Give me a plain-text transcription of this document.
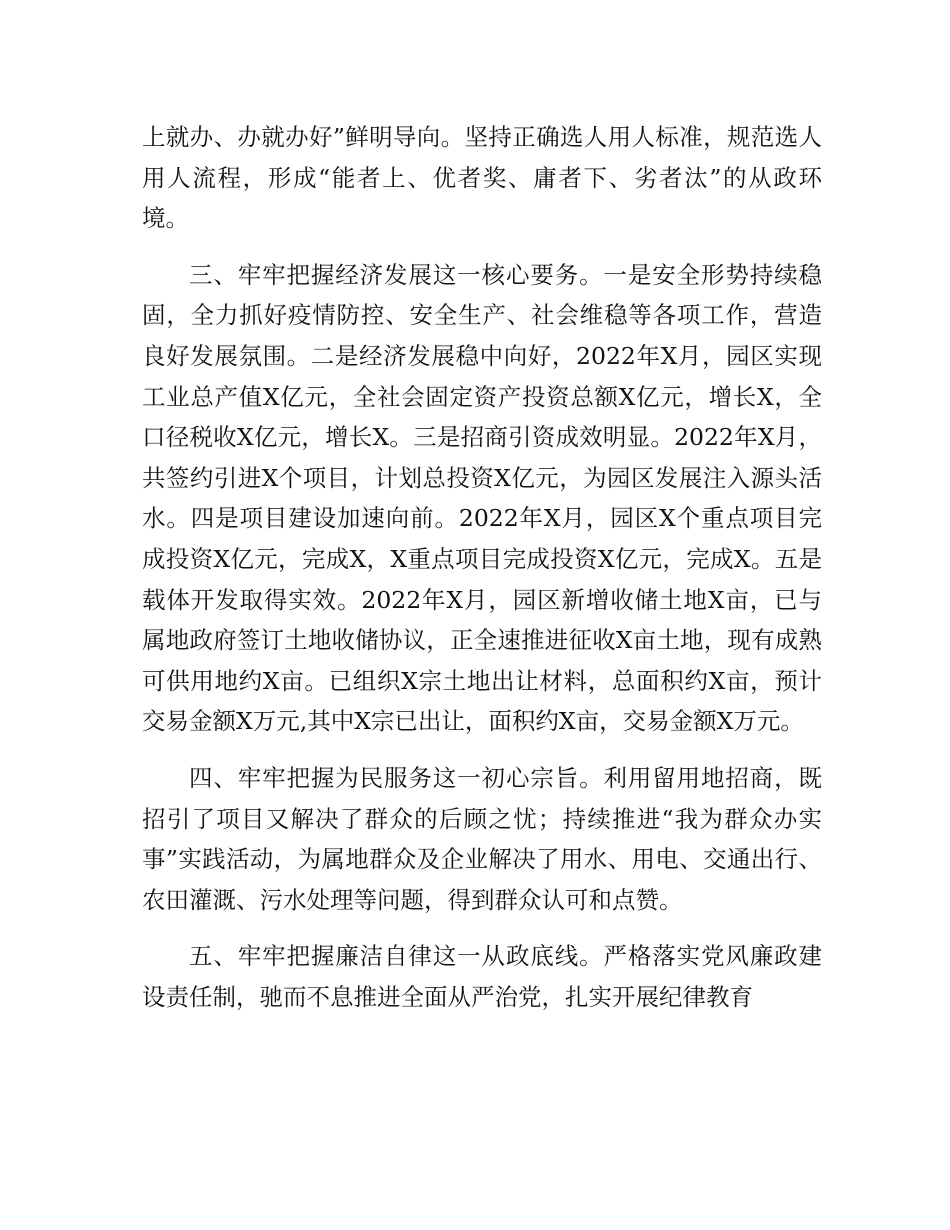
上就办、办就办好”鲜明导向。坚持正确选人用人标准，规范选人用人流程，形成“能者上、优者奖、庸者下、劣者汰”的从政环境。

三、牢牢把握经济发展这一核心要务。一是安全形势持续稳固，全力抓好疫情防控、安全生产、社会维稳等各项工作，营造良好发展氛围。二是经济发展稳中向好，2022年X月，园区实现工业总产值X亿元，全社会固定资产投资总额X亿元，增长X，全口径税收X亿元，增长X。三是招商引资成效明显。2022年X月，共签约引进X个项目，计划总投资X亿元，为园区发展注入源头活水。四是项目建设加速向前。2022年X月，园区X个重点项目完成投资X亿元，完成X，X重点项目完成投资X亿元，完成X。五是载体开发取得实效。2022年X月，园区新增收储土地X亩，已与属地政府签订土地收储协议，正全速推进征收X亩土地，现有成熟可供用地约X亩。已组织X宗土地出让材料，总面积约X亩，预计交易金额X万元,其中X宗已出让，面积约X亩，交易金额X万元。

四、牢牢把握为民服务这一初心宗旨。利用留用地招商，既招引了项目又解决了群众的后顾之忧；持续推进“我为群众办实事”实践活动，为属地群众及企业解决了用水、用电、交通出行、农田灌溉、污水处理等问题，得到群众认可和点赞。

五、牢牢把握廉洁自律这一从政底线。严格落实党风廉政建设责任制，驰而不息推进全面从严治党，扎实开展纪律教育
